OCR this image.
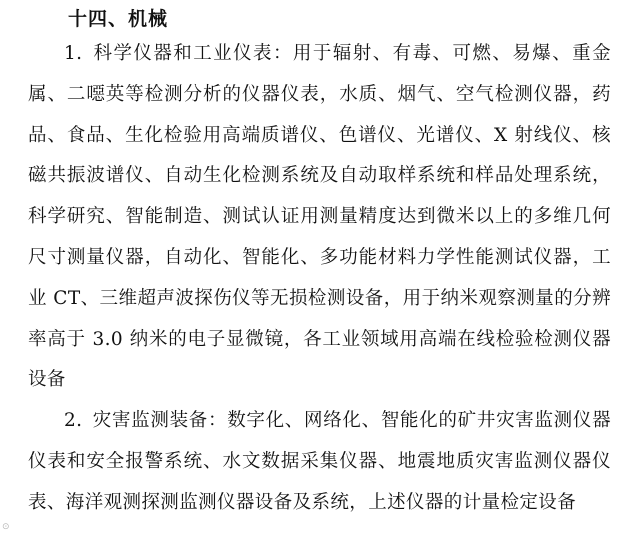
十四、机械

1. 科学仪器和工业仪表：用于辐射、有毒、可燃、易爆、重金属、二噁英等检测分析的仪器仪表，水质、烟气、空气检测仪器，药品、食品、生化检验用高端质谱仪、色谱仪、光谱仪、X 射线仪、核磁共振波谱仪、自动生化检测系统及自动取样系统和样品处理系统，科学研究、智能制造、测试认证用测量精度达到微米以上的多维几何尺寸测量仪器，自动化、智能化、多功能材料力学性能测试仪器，工业 CT、三维超声波探伤仪等无损检测设备，用于纳米观察测量的分辨率高于 3.0 纳米的电子显微镜，各工业领域用高端在线检验检测仪器设备

2. 灾害监测装备：数字化、网络化、智能化的矿井灾害监测仪器仪表和安全报警系统、水文数据采集仪器、地震地质灾害监测仪器仪表、海洋观测探测监测仪器设备及系统，上述仪器的计量检定设备

⊙
